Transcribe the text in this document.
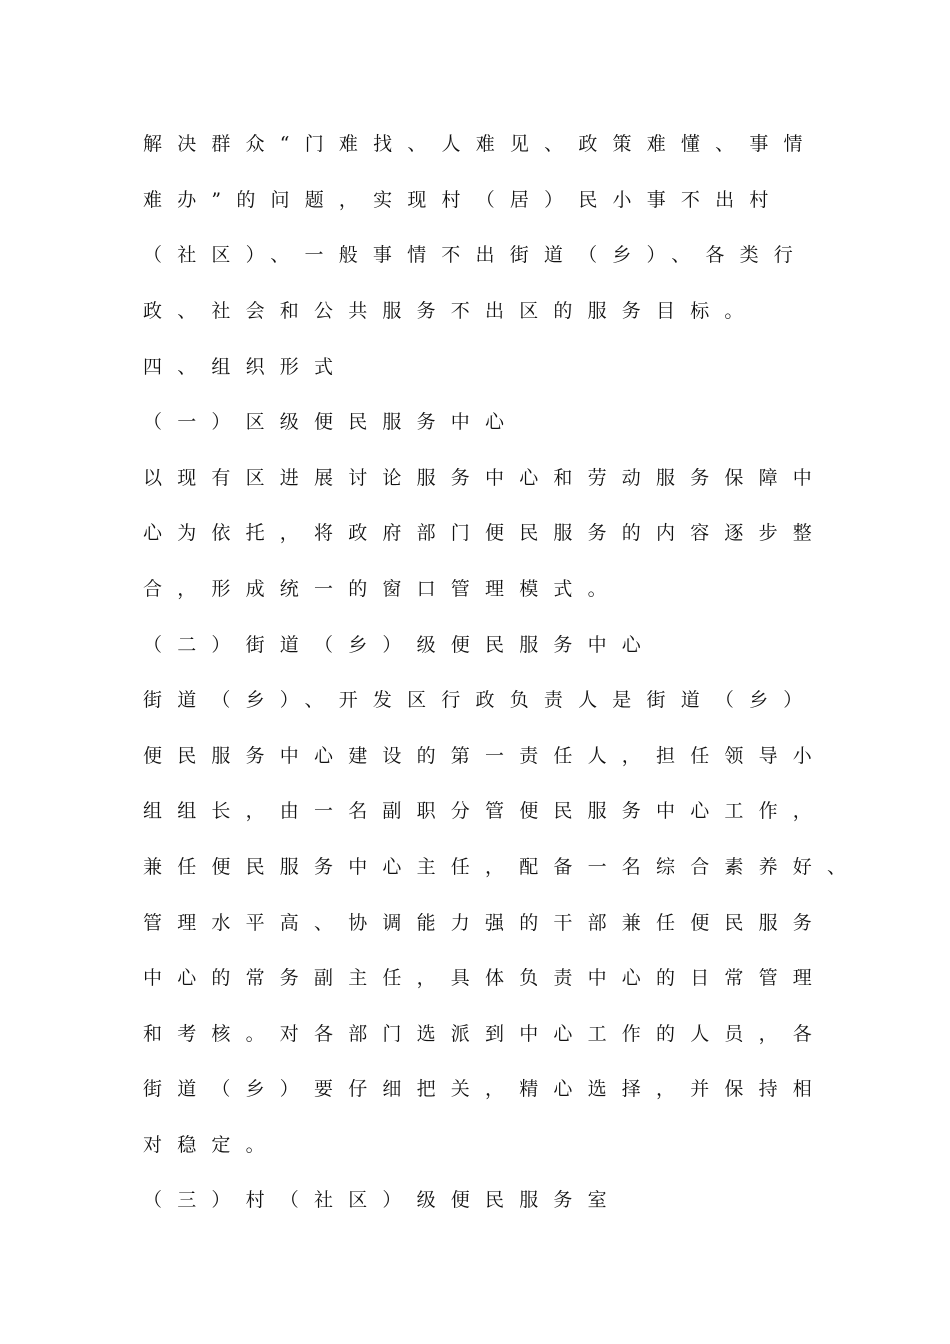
解决群众“门难找、人难见、政策难懂、事情
难办”的问题，实现村（居）民小事不出村
（社区）、一般事情不出街道（乡）、各类行
政、社会和公共服务不出区的服务目标。
四、组织形式
（一）区级便民服务中心
以现有区进展讨论服务中心和劳动服务保障中
心为依托，将政府部门便民服务的内容逐步整
合，形成统一的窗口管理模式。
（二）街道（乡）级便民服务中心
街道（乡）、开发区行政负责人是街道（乡）
便民服务中心建设的第一责任人，担任领导小
组组长，由一名副职分管便民服务中心工作，
兼任便民服务中心主任，配备一名综合素养好、
管理水平高、协调能力强的干部兼任便民服务
中心的常务副主任，具体负责中心的日常管理
和考核。对各部门选派到中心工作的人员，各
街道（乡）要仔细把关，精心选择，并保持相
对稳定。
（三）村（社区）级便民服务室
